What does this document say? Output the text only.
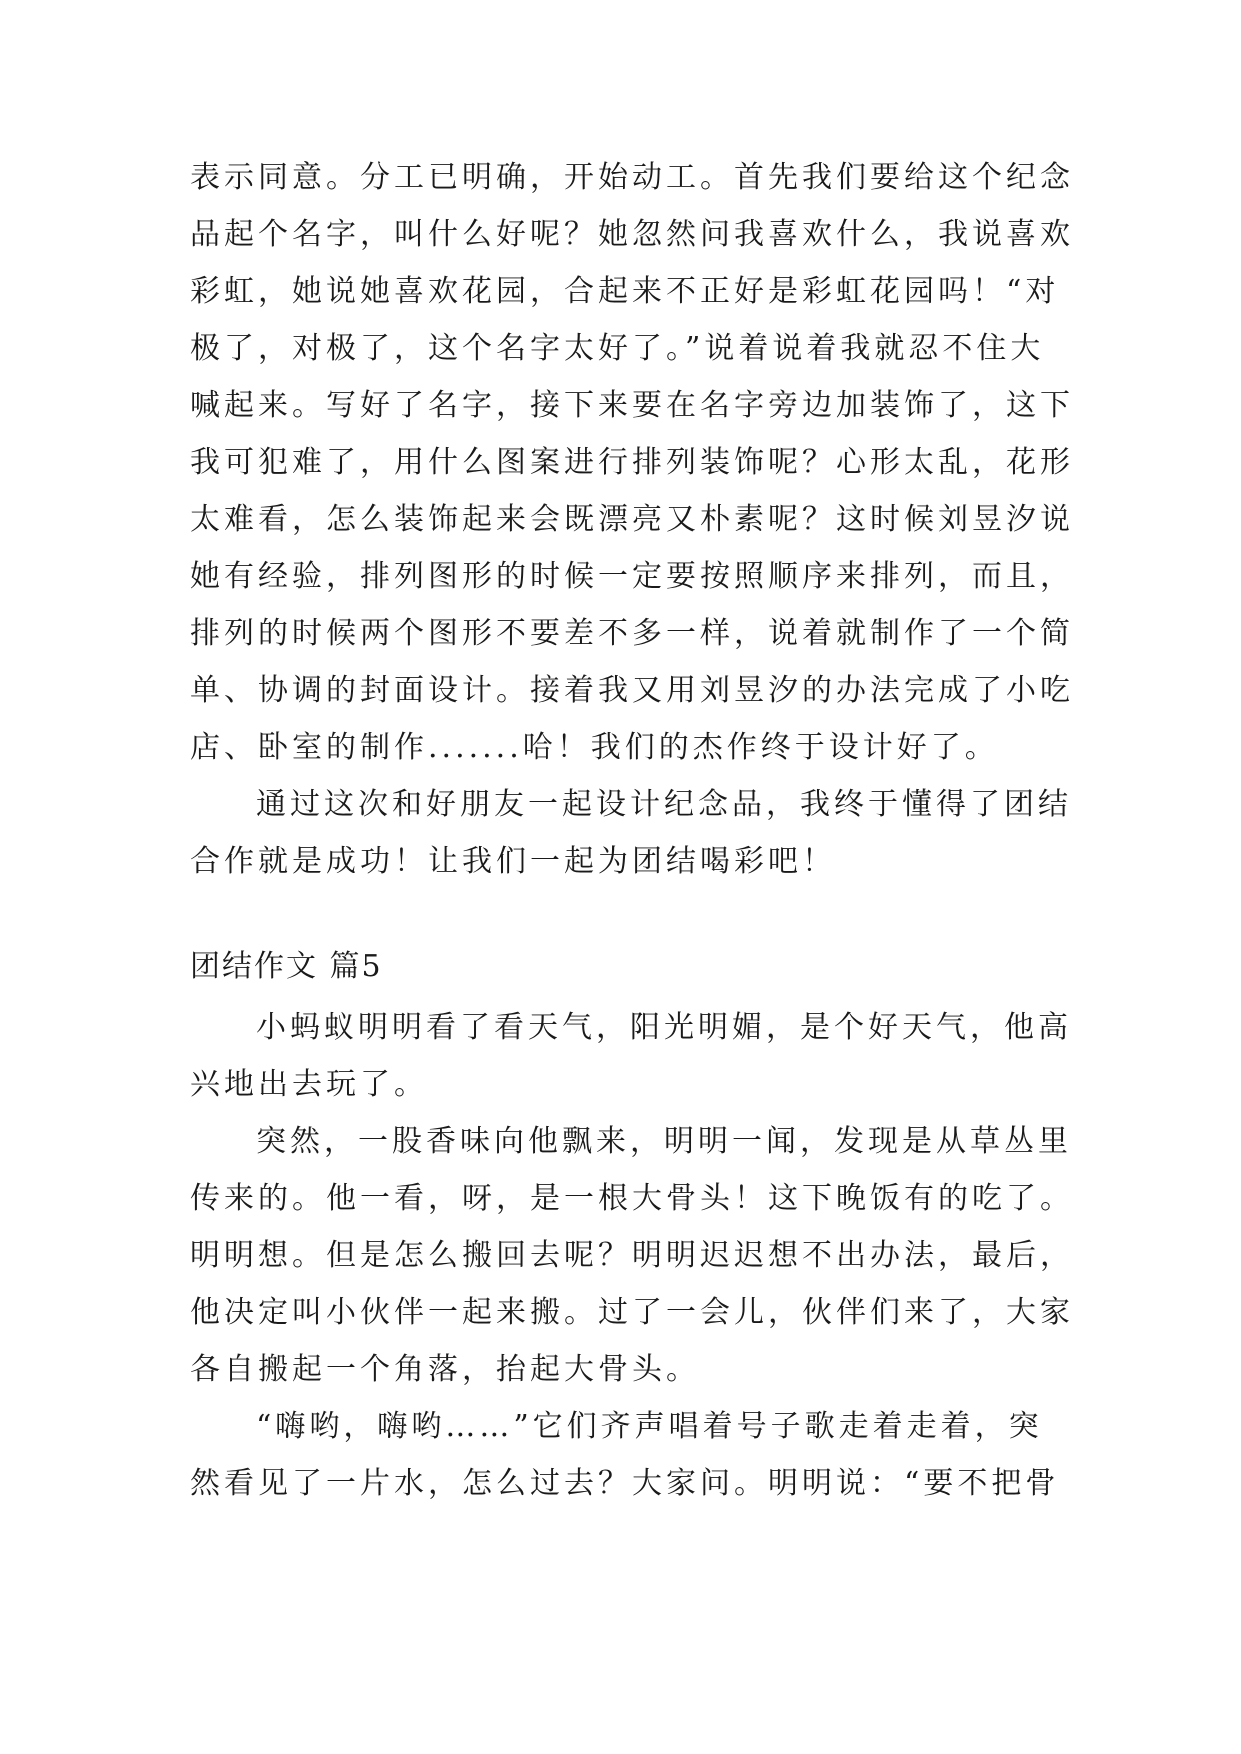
表示同意。分工已明确，开始动工。首先我们要给这个纪念
品起个名字，叫什么好呢？她忽然问我喜欢什么，我说喜欢
彩虹，她说她喜欢花园，合起来不正好是彩虹花园吗！“对
极了，对极了，这个名字太好了。”说着说着我就忍不住大
喊起来。写好了名字，接下来要在名字旁边加装饰了，这下
我可犯难了，用什么图案进行排列装饰呢？心形太乱，花形
太难看，怎么装饰起来会既漂亮又朴素呢？这时候刘昱汐说
她有经验，排列图形的时候一定要按照顺序来排列，而且，
排列的时候两个图形不要差不多一样，说着就制作了一个简
单、协调的封面设计。接着我又用刘昱汐的办法完成了小吃
店、卧室的制作.......哈！我们的杰作终于设计好了。
通过这次和好朋友一起设计纪念品，我终于懂得了团结
合作就是成功！让我们一起为团结喝彩吧！
团结作文 篇5
小蚂蚁明明看了看天气，阳光明媚，是个好天气，他高
兴地出去玩了。
突然，一股香味向他飘来，明明一闻，发现是从草丛里
传来的。他一看，呀，是一根大骨头！这下晚饭有的吃了。
明明想。但是怎么搬回去呢？明明迟迟想不出办法，最后，
他决定叫小伙伴一起来搬。过了一会儿，伙伴们来了，大家
各自搬起一个角落，抬起大骨头。
“嗨哟，嗨哟……”它们齐声唱着号子歌走着走着，突
然看见了一片水，怎么过去？大家问。明明说：“要不把骨
